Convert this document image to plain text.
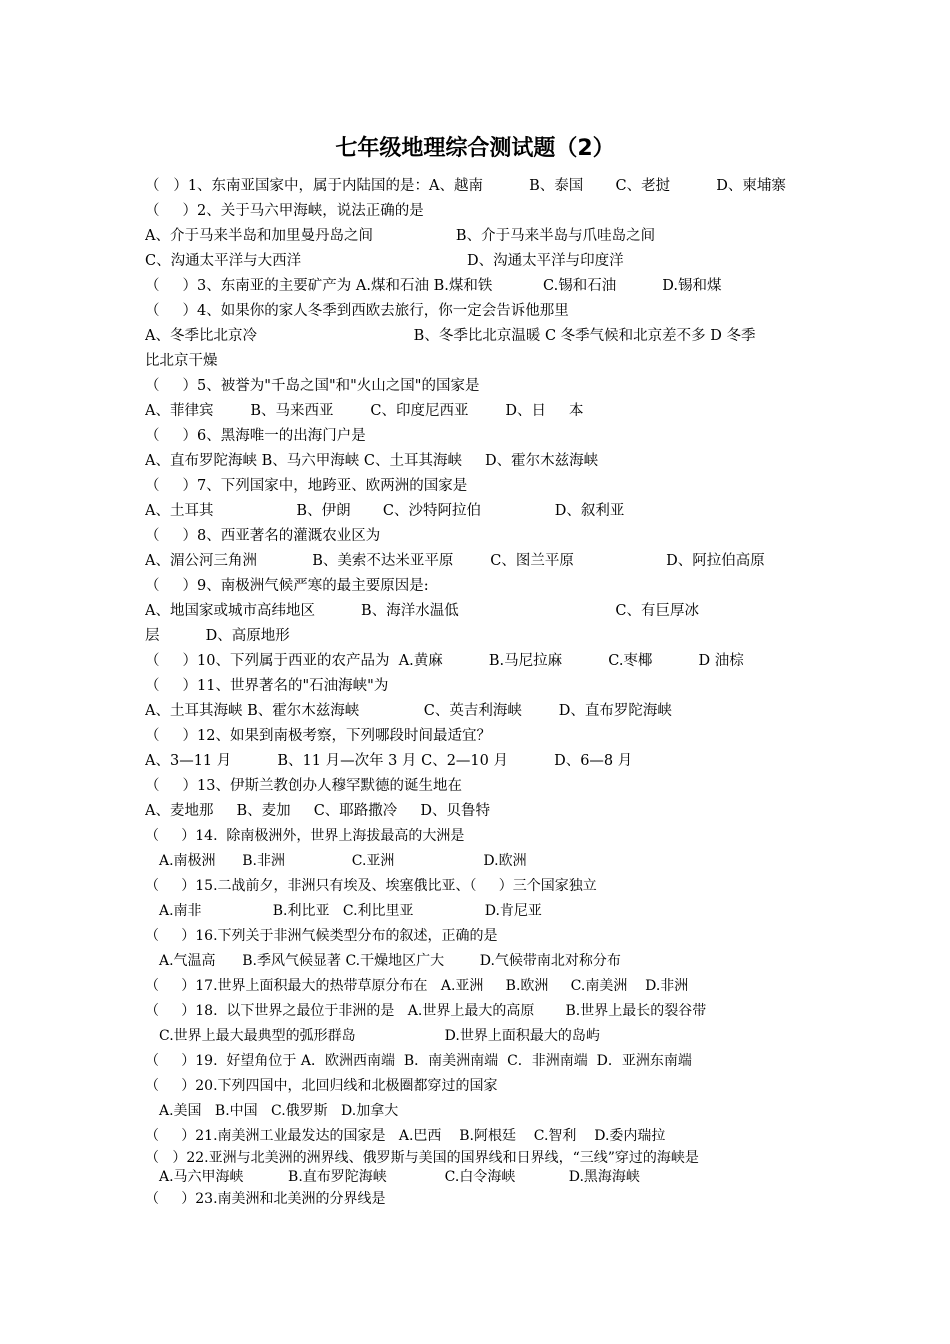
七年级地理综合测试题（2）
（   ）1、东南亚国家中，属于内陆国的是：A、越南          B、泰国       C、老挝          D、柬埔寨
（     ）2、关于马六甲海峡，说法正确的是
A、介于马来半岛和加里曼丹岛之间                  B、介于马来半岛与爪哇岛之间
C、沟通太平洋与大西洋                                    D、沟通太平洋与印度洋
（     ）3、东南亚的主要矿产为 A.煤和石油 B.煤和铁           C.锡和石油          D.锡和煤
（     ）4、如果你的家人冬季到西欧去旅行，你一定会告诉他那里
A、冬季比北京冷                                  B、冬季比北京温暖 C 冬季气候和北京差不多 D 冬季
比北京干燥
（     ）5、被誉为"千岛之国"和"火山之国"的国家是
A、菲律宾        B、马来西亚        C、印度尼西亚        D、日     本
（     ）6、黑海唯一的出海门户是
A、直布罗陀海峡 B、马六甲海峡 C、土耳其海峡     D、霍尔木兹海峡
（     ）7、下列国家中，地跨亚、欧两洲的国家是
A、土耳其                  B、伊朗       C、沙特阿拉伯                D、叙利亚
（     ）8、西亚著名的灌溉农业区为
A、湄公河三角洲            B、美索不达米亚平原        C、图兰平原                    D、阿拉伯高原
（     ）9、南极洲气候严寒的最主要原因是:
A、地国家或城市高纬地区          B、海洋水温低                                  C、有巨厚冰
层          D、高原地形
（     ）10、下列属于西亚的农产品为  A.黄麻          B.马尼拉麻          C.枣椰          D 油棕
（     ）11、世界著名的"石油海峡"为
A、土耳其海峡 B、霍尔木兹海峡              C、英吉利海峡        D、直布罗陀海峡
（     ）12、如果到南极考察，下列哪段时间最适宜？
A、3—11 月          B、11 月—次年 3 月 C、2—10 月          D、6—8 月
（     ）13、伊斯兰教创办人穆罕默德的诞生地在
A、麦地那     B、麦加     C、耶路撒冷     D、贝鲁特
（     ）14.  除南极洲外，世界上海拔最高的大洲是
A.南极洲      B.非洲               C.亚洲                    D.欧洲
（     ）15.二战前夕，非洲只有埃及、埃塞俄比亚、（     ）三个国家独立
A.南非                B.利比亚   C.利比里亚                D.肯尼亚
（     ）16.下列关于非洲气候类型分布的叙述，正确的是
A.气温高      B.季风气候显著 C.干燥地区广大        D.气候带南北对称分布
（     ）17.世界上面积最大的热带草原分布在   A.亚洲     B.欧洲     C.南美洲    D.非洲
（     ）18.  以下世界之最位于非洲的是   A.世界上最大的高原       B.世界上最长的裂谷带
C.世界上最大最典型的弧形群岛                    D.世界上面积最大的岛屿
（     ）19.  好望角位于 A．欧洲西南端  B．南美洲南端  C．非洲南端  D．亚洲东南端
（     ）20.下列四国中，北回归线和北极圈都穿过的国家
A.美国   B.中国   C.俄罗斯   D.加拿大
（     ）21.南美洲工业最发达的国家是   A.巴西    B.阿根廷    C.智利    D.委内瑞拉
（   ）22.亚洲与北美洲的洲界线、俄罗斯与美国的国界线和日界线，“三线”穿过的海峡是
A.马六甲海峡          B.直布罗陀海峡             C.白令海峡            D.黑海海峡
（     ）23.南美洲和北美洲的分界线是
